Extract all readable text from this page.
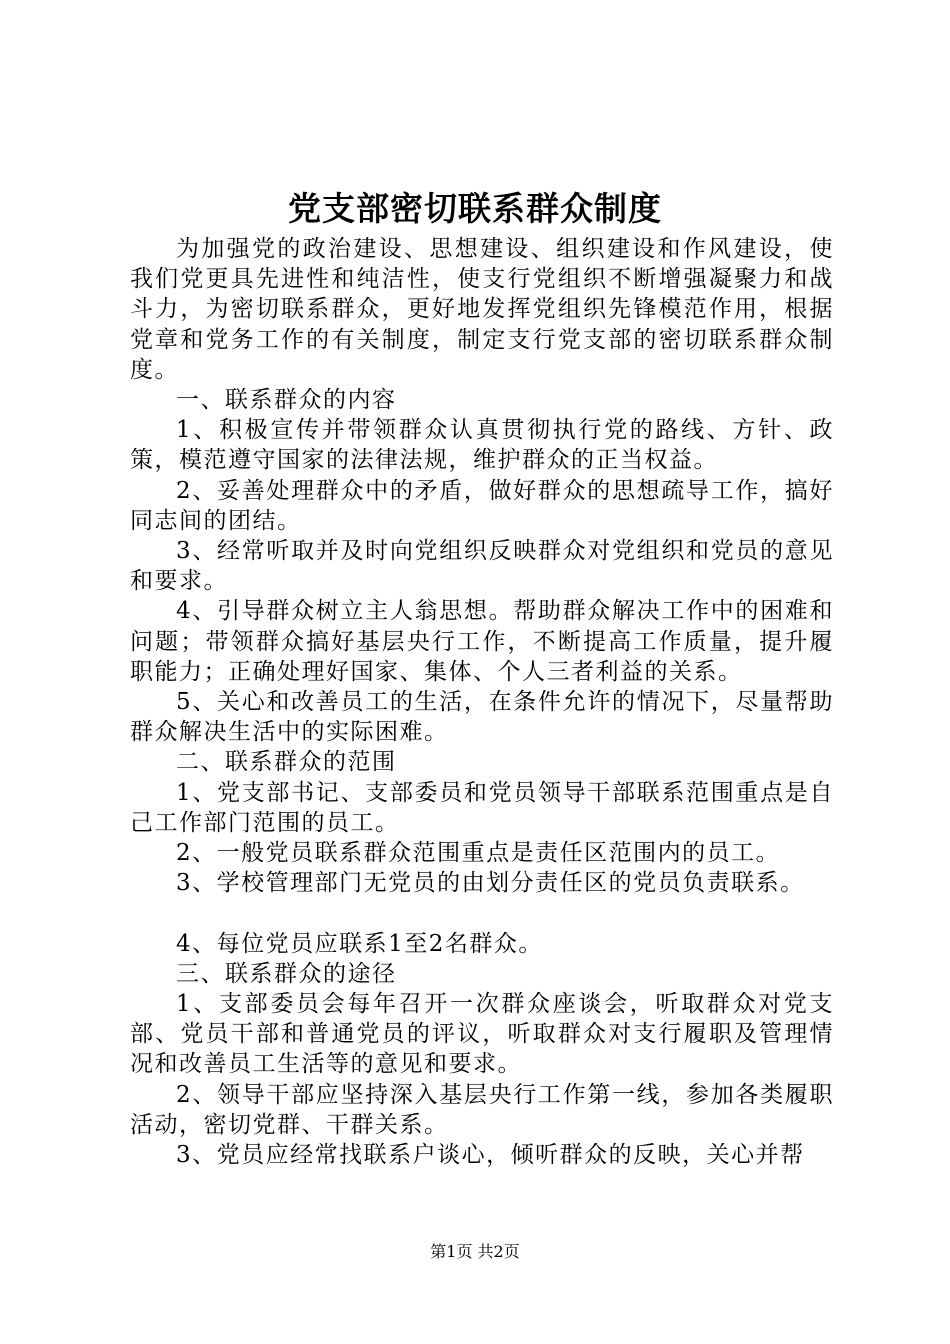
党支部密切联系群众制度

为加强党的政治建设、思想建设、组织建设和作风建设，使我们党更具先进性和纯洁性，使支行党组织不断增强凝聚力和战斗力，为密切联系群众，更好地发挥党组织先锋模范作用，根据党章和党务工作的有关制度，制定支行党支部的密切联系群众制度。

一、联系群众的内容

1、积极宣传并带领群众认真贯彻执行党的路线、方针、政策，模范遵守国家的法律法规，维护群众的正当权益。

2、妥善处理群众中的矛盾，做好群众的思想疏导工作，搞好同志间的团结。

3、经常听取并及时向党组织反映群众对党组织和党员的意见和要求。

4、引导群众树立主人翁思想。帮助群众解决工作中的困难和问题；带领群众搞好基层央行工作，不断提高工作质量，提升履职能力；正确处理好国家、集体、个人三者利益的关系。

5、关心和改善员工的生活，在条件允许的情况下，尽量帮助群众解决生活中的实际困难。

二、联系群众的范围

1、党支部书记、支部委员和党员领导干部联系范围重点是自己工作部门范围的员工。

2、一般党员联系群众范围重点是责任区范围内的员工。

3、学校管理部门无党员的由划分责任区的党员负责联系。

4、每位党员应联系1至2名群众。

三、联系群众的途径

1、支部委员会每年召开一次群众座谈会，听取群众对党支部、党员干部和普通党员的评议，听取群众对支行履职及管理情况和改善员工生活等的意见和要求。

2、领导干部应坚持深入基层央行工作第一线，参加各类履职活动，密切党群、干群关系。

3、党员应经常找联系户谈心，倾听群众的反映，关心并帮

第1页 共2页
